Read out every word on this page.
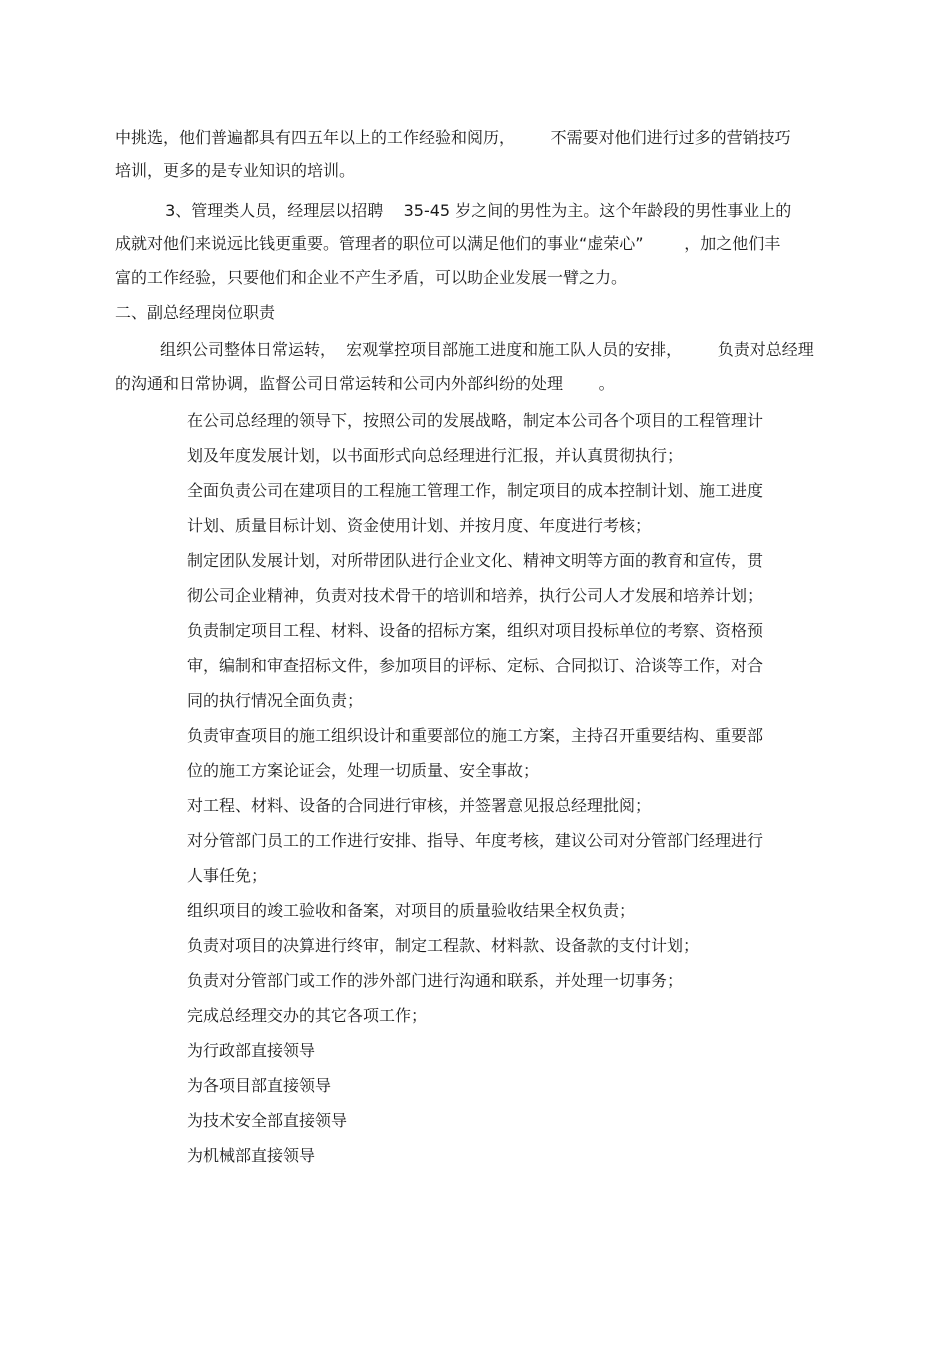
中挑选，他们普遍都具有四五年以上的工作经验和阅历，       不需要对他们进行过多的营销技巧
培训，更多的是专业知识的培训。
3、管理类人员，经理层以招聘    35-45 岁之间的男性为主。这个年龄段的男性事业上的
成就对他们来说远比钱更重要。管理者的职位可以满足他们的事业“虚荣心”        ，加之他们丰
富的工作经验，只要他们和企业不产生矛盾，可以助企业发展一臂之力。
二、副总经理岗位职责
组织公司整体日常运转，  宏观掌控项目部施工进度和施工队人员的安排，       负责对总经理
的沟通和日常协调，监督公司日常运转和公司内外部纠纷的处理       。
在公司总经理的领导下，按照公司的发展战略，制定本公司各个项目的工程管理计
划及年度发展计划，以书面形式向总经理进行汇报，并认真贯彻执行；
全面负责公司在建项目的工程施工管理工作，制定项目的成本控制计划、施工进度
计划、质量目标计划、资金使用计划、并按月度、年度进行考核；
制定团队发展计划，对所带团队进行企业文化、精神文明等方面的教育和宣传，贯
彻公司企业精神，负责对技术骨干的培训和培养，执行公司人才发展和培养计划；
负责制定项目工程、材料、设备的招标方案，组织对项目投标单位的考察、资格预
审，编制和审查招标文件，参加项目的评标、定标、合同拟订、洽谈等工作，对合
同的执行情况全面负责；
负责审查项目的施工组织设计和重要部位的施工方案，主持召开重要结构、重要部
位的施工方案论证会，处理一切质量、安全事故；
对工程、材料、设备的合同进行审核，并签署意见报总经理批阅；
对分管部门员工的工作进行安排、指导、年度考核，建议公司对分管部门经理进行
人事任免；
组织项目的竣工验收和备案，对项目的质量验收结果全权负责；
负责对项目的决算进行终审，制定工程款、材料款、设备款的支付计划；
负责对分管部门或工作的涉外部门进行沟通和联系，并处理一切事务；
完成总经理交办的其它各项工作；
为行政部直接领导
为各项目部直接领导
为技术安全部直接领导
为机械部直接领导
